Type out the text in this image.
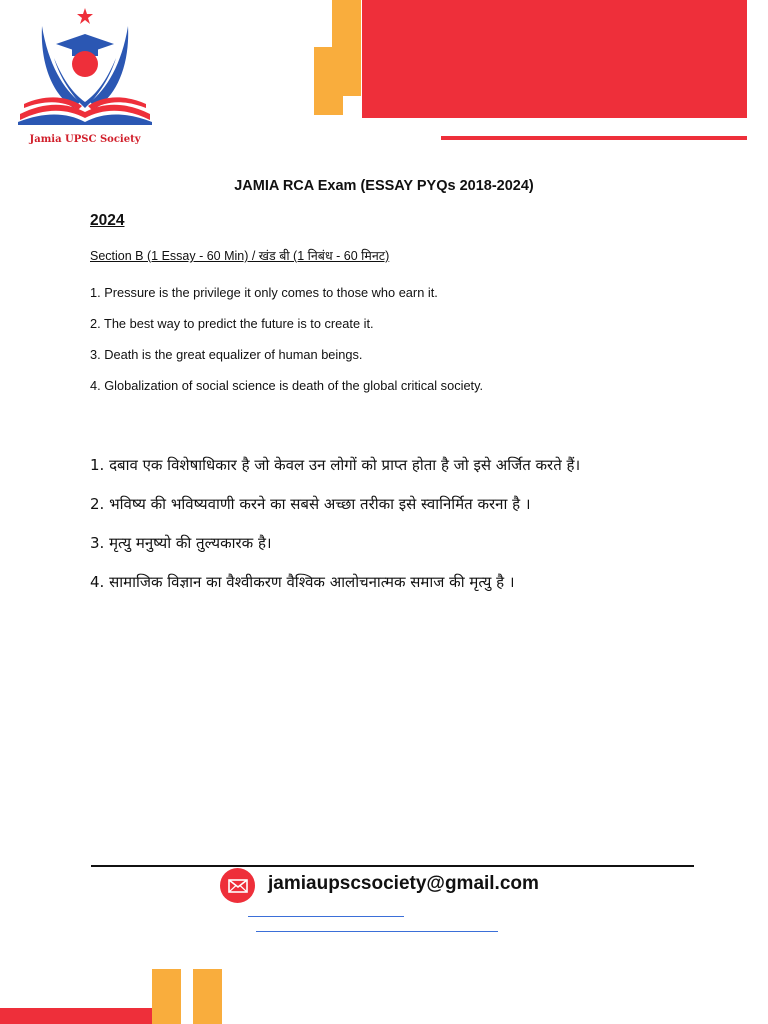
Jamia UPSC Society
JAMIA RCA Exam (ESSAY PYQs 2018-2024)
2024
Section B (1 Essay - 60 Min) / खंड बी (1 निबंध - 60 मिनट)
1. Pressure is the privilege it only comes to those who earn it.
2. The best way to predict the future is to create it.
3. Death is the great equalizer of human beings.
4. Globalization of social science is death of the global critical society.
1. दबाव एक विशेषाधिकार है जो केवल उन लोगों को प्राप्त होता है जो इसे अर्जित करते हैं।
2. भविष्य की भविष्यवाणी करने का सबसे अच्छा तरीका इसे स्वानिर्मित करना है ।
3. मृत्यु मनुष्यो की तुल्यकारक है।
4. सामाजिक विज्ञान का वैश्वीकरण वैश्विक आलोचनात्मक समाज की मृत्यु है ।
jamiaupscsociety@gmail.com
